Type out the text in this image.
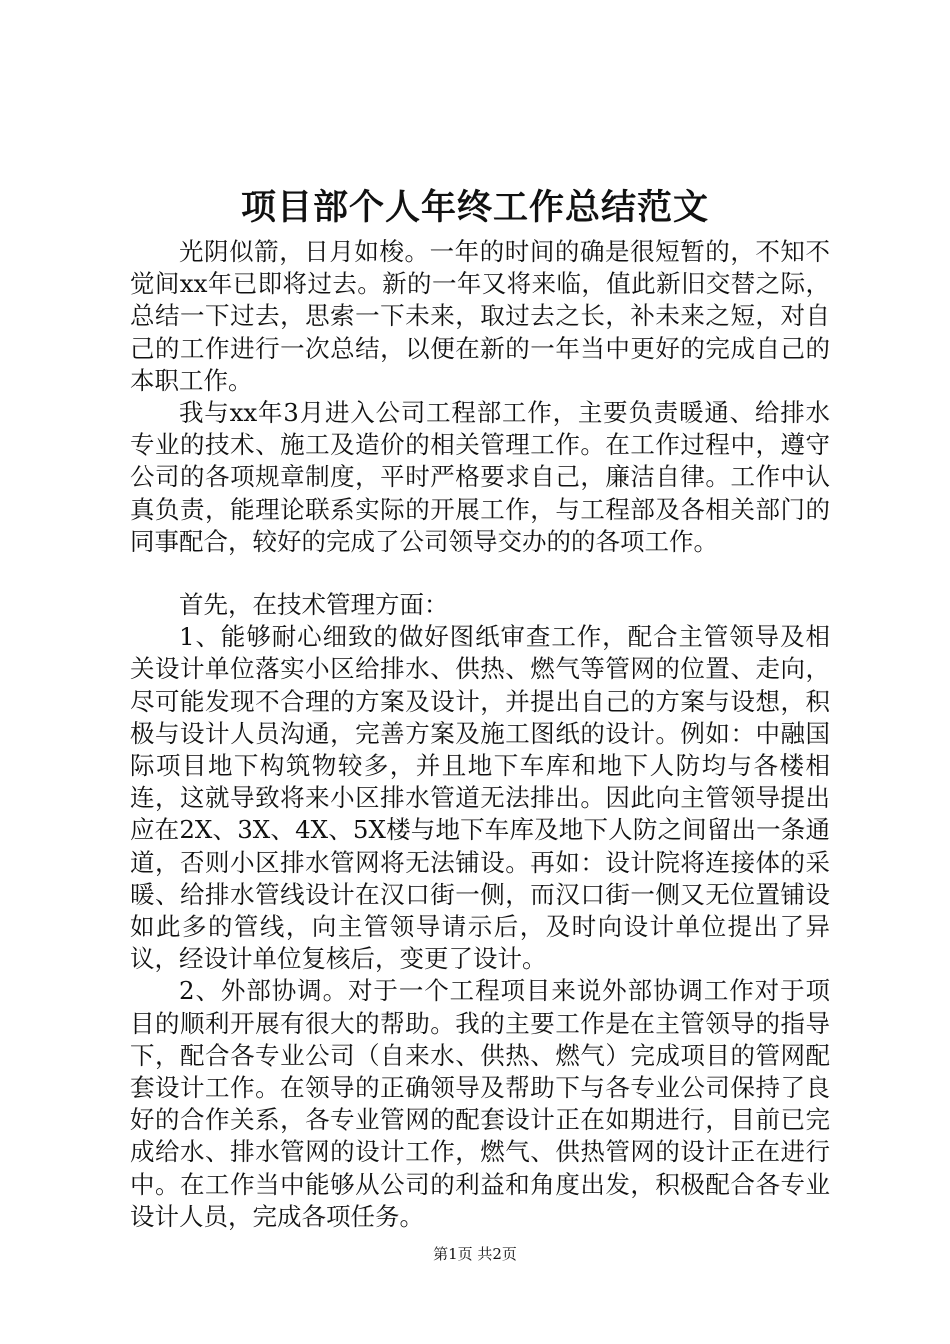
项目部个人年终工作总结范文

光阴似箭，日月如梭。一年的时间的确是很短暂的，不知不觉间xx年已即将过去。新的一年又将来临，值此新旧交替之际，总结一下过去，思索一下未来，取过去之长，补未来之短，对自己的工作进行一次总结，以便在新的一年当中更好的完成自己的本职工作。

我与xx年3月进入公司工程部工作，主要负责暖通、给排水专业的技术、施工及造价的相关管理工作。在工作过程中，遵守公司的各项规章制度，平时严格要求自己，廉洁自律。工作中认真负责，能理论联系实际的开展工作，与工程部及各相关部门的同事配合，较好的完成了公司领导交办的的各项工作。

首先，在技术管理方面：

1、能够耐心细致的做好图纸审查工作，配合主管领导及相关设计单位落实小区给排水、供热、燃气等管网的位置、走向，尽可能发现不合理的方案及设计，并提出自己的方案与设想，积极与设计人员沟通，完善方案及施工图纸的设计。例如：中融国际项目地下构筑物较多，并且地下车库和地下人防均与各楼相连，这就导致将来小区排水管道无法排出。因此向主管领导提出应在2X、3X、4X、5X楼与地下车库及地下人防之间留出一条通道，否则小区排水管网将无法铺设。再如：设计院将连接体的采暖、给排水管线设计在汉口街一侧，而汉口街一侧又无位置铺设如此多的管线，向主管领导请示后，及时向设计单位提出了异议，经设计单位复核后，变更了设计。

2、外部协调。对于一个工程项目来说外部协调工作对于项目的顺利开展有很大的帮助。我的主要工作是在主管领导的指导下，配合各专业公司（自来水、供热、燃气）完成项目的管网配套设计工作。在领导的正确领导及帮助下与各专业公司保持了良好的合作关系，各专业管网的配套设计正在如期进行，目前已完成给水、排水管网的设计工作，燃气、供热管网的设计正在进行中。在工作当中能够从公司的利益和角度出发，积极配合各专业设计人员，完成各项任务。

第1页 共2页
